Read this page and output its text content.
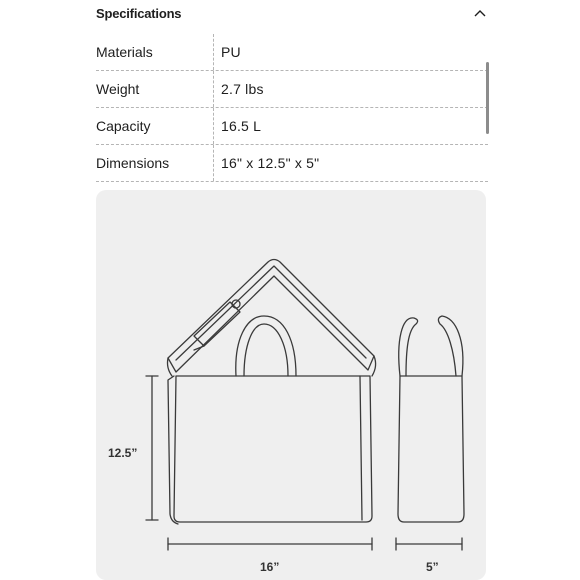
Specifications
Materials	PU
Weight	2.7 lbs
Capacity	16.5 L
Dimensions	16" x 12.5" x 5"
12.5”
16”	5”
